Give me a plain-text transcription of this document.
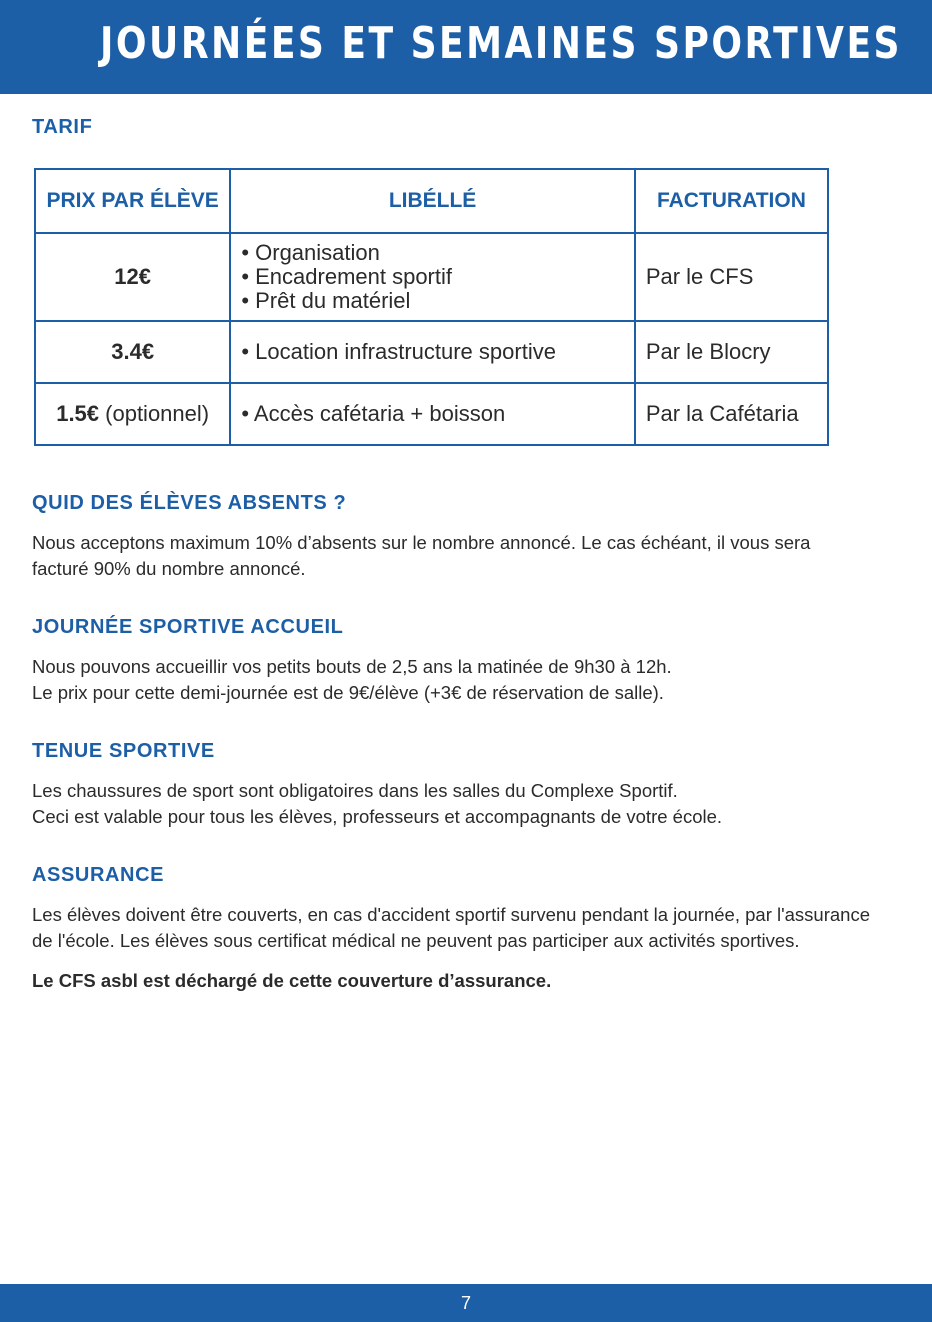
JOURNÉES ET SEMAINES SPORTIVES
TARIF
PRIX PAR ÉLÈVE	LIBÉLLÉ	FACTURATION
12€	• Organisation
• Encadrement sportif
• Prêt du matériel	Par le CFS
3.4€	• Location infrastructure sportive	Par le Blocry
1.5€ (optionnel)	• Accès cafétaria + boisson	Par la Cafétaria
QUID DES ÉLÈVES ABSENTS ?

Nous acceptons maximum 10% d’absents sur le nombre annoncé. Le cas échéant, il vous sera facturé 90% du nombre annoncé.

JOURNÉE SPORTIVE ACCUEIL

Nous pouvons accueillir vos petits bouts de 2,5 ans la matinée de 9h30 à 12h.

Le prix pour cette demi-journée est de 9€/élève (+3€ de réservation de salle).

TENUE SPORTIVE

Les chaussures de sport sont obligatoires dans les salles du Complexe Sportif.

Ceci est valable pour tous les élèves, professeurs et accompagnants de votre école.

ASSURANCE

Les élèves doivent être couverts, en cas d'accident sportif survenu pendant la journée, par l'assurance de l'école. Les élèves sous certificat médical ne peuvent pas participer aux activités sportives.

Le CFS asbl est déchargé de cette couverture d’assurance.

7
